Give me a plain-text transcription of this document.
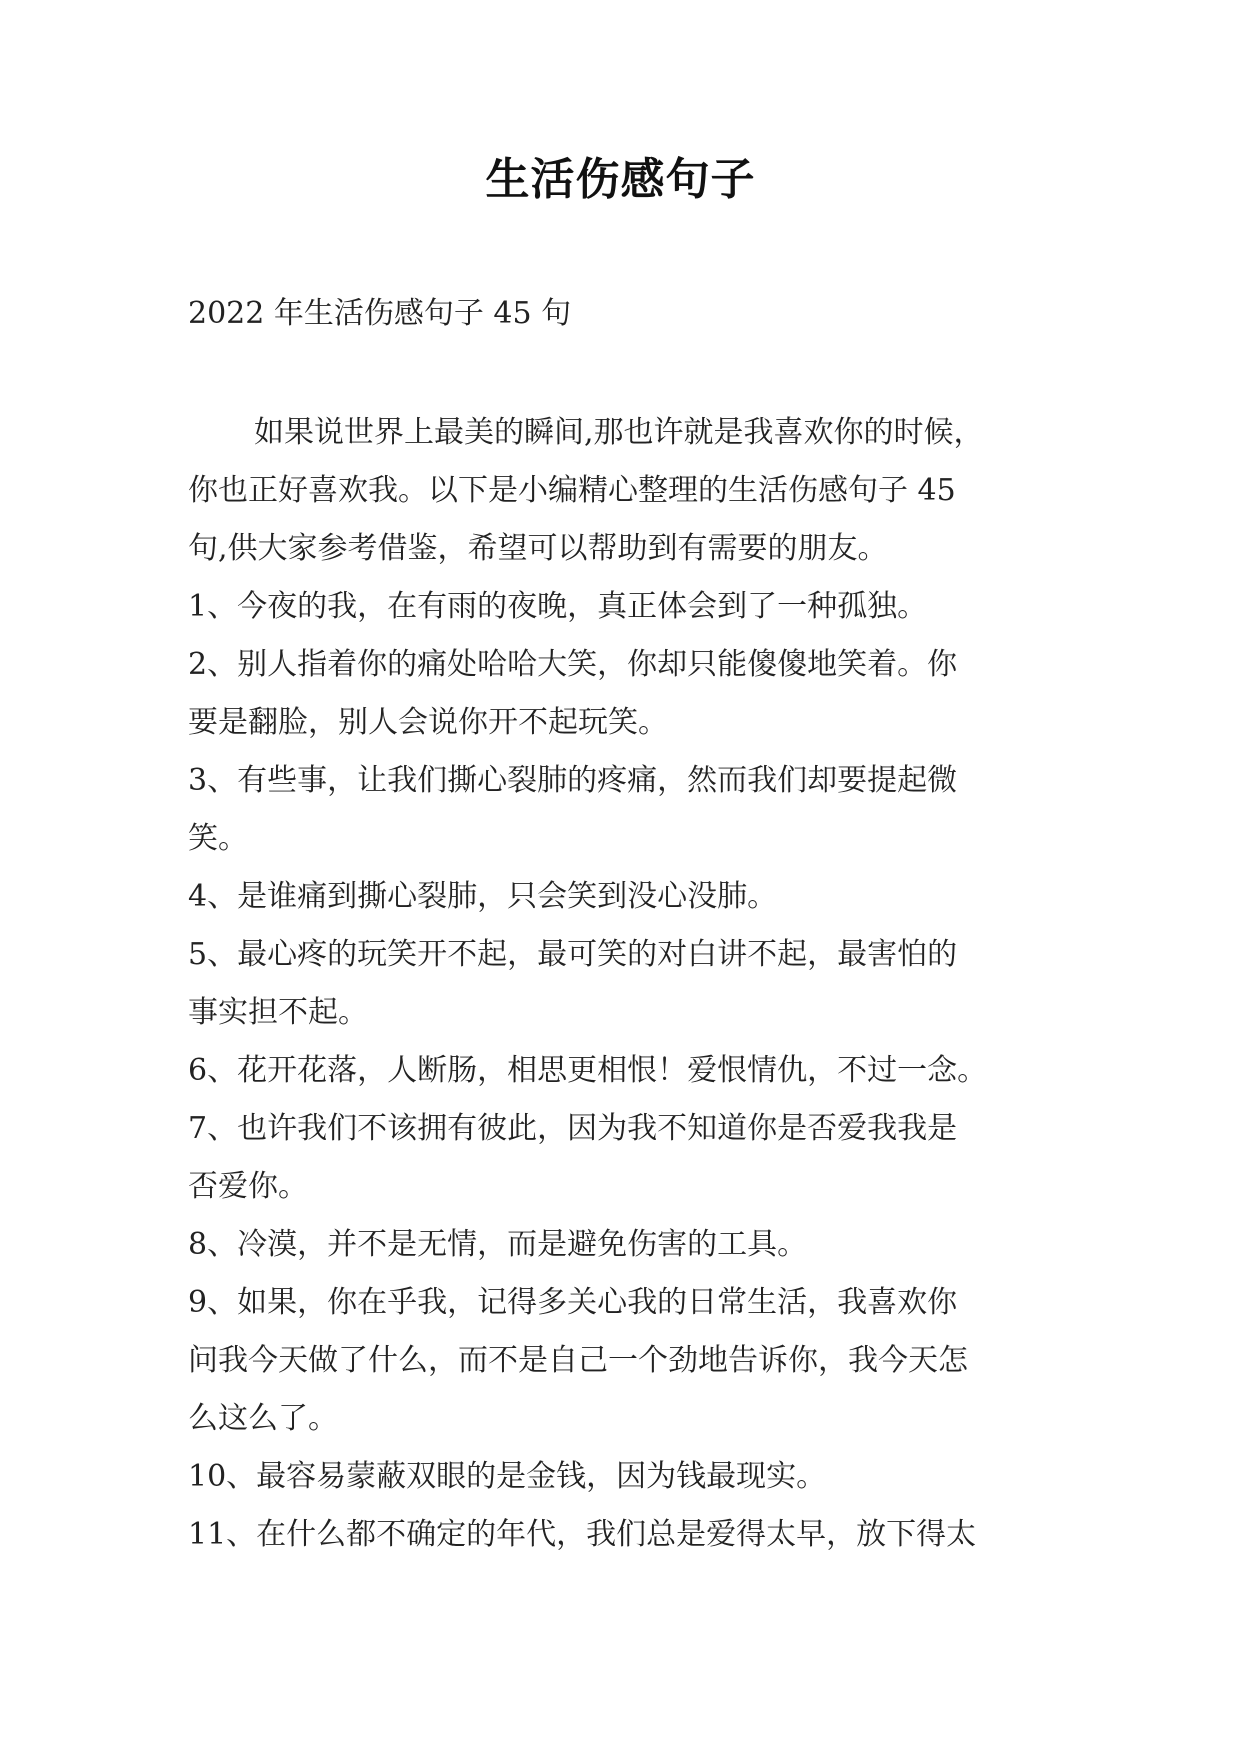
生活伤感句子
2022 年生活伤感句子 45 句
如果说世界上最美的瞬间,那也许就是我喜欢你的时候，
你也正好喜欢我。以下是小编精心整理的生活伤感句子 45
句,供大家参考借鉴，希望可以帮助到有需要的朋友。
1、今夜的我，在有雨的夜晚，真正体会到了一种孤独。
2、别人指着你的痛处哈哈大笑，你却只能傻傻地笑着。你
要是翻脸，别人会说你开不起玩笑。
3、有些事，让我们撕心裂肺的疼痛，然而我们却要提起微
笑。
4、是谁痛到撕心裂肺，只会笑到没心没肺。
5、最心疼的玩笑开不起，最可笑的对白讲不起，最害怕的
事实担不起。
6、花开花落，人断肠，相思更相恨！爱恨情仇，不过一念。
7、也许我们不该拥有彼此，因为我不知道你是否爱我我是
否爱你。
8、冷漠，并不是无情，而是避免伤害的工具。
9、如果，你在乎我，记得多关心我的日常生活，我喜欢你
问我今天做了什么，而不是自己一个劲地告诉你，我今天怎
么这么了。
10、最容易蒙蔽双眼的是金钱，因为钱最现实。
11、在什么都不确定的年代，我们总是爱得太早，放下得太
